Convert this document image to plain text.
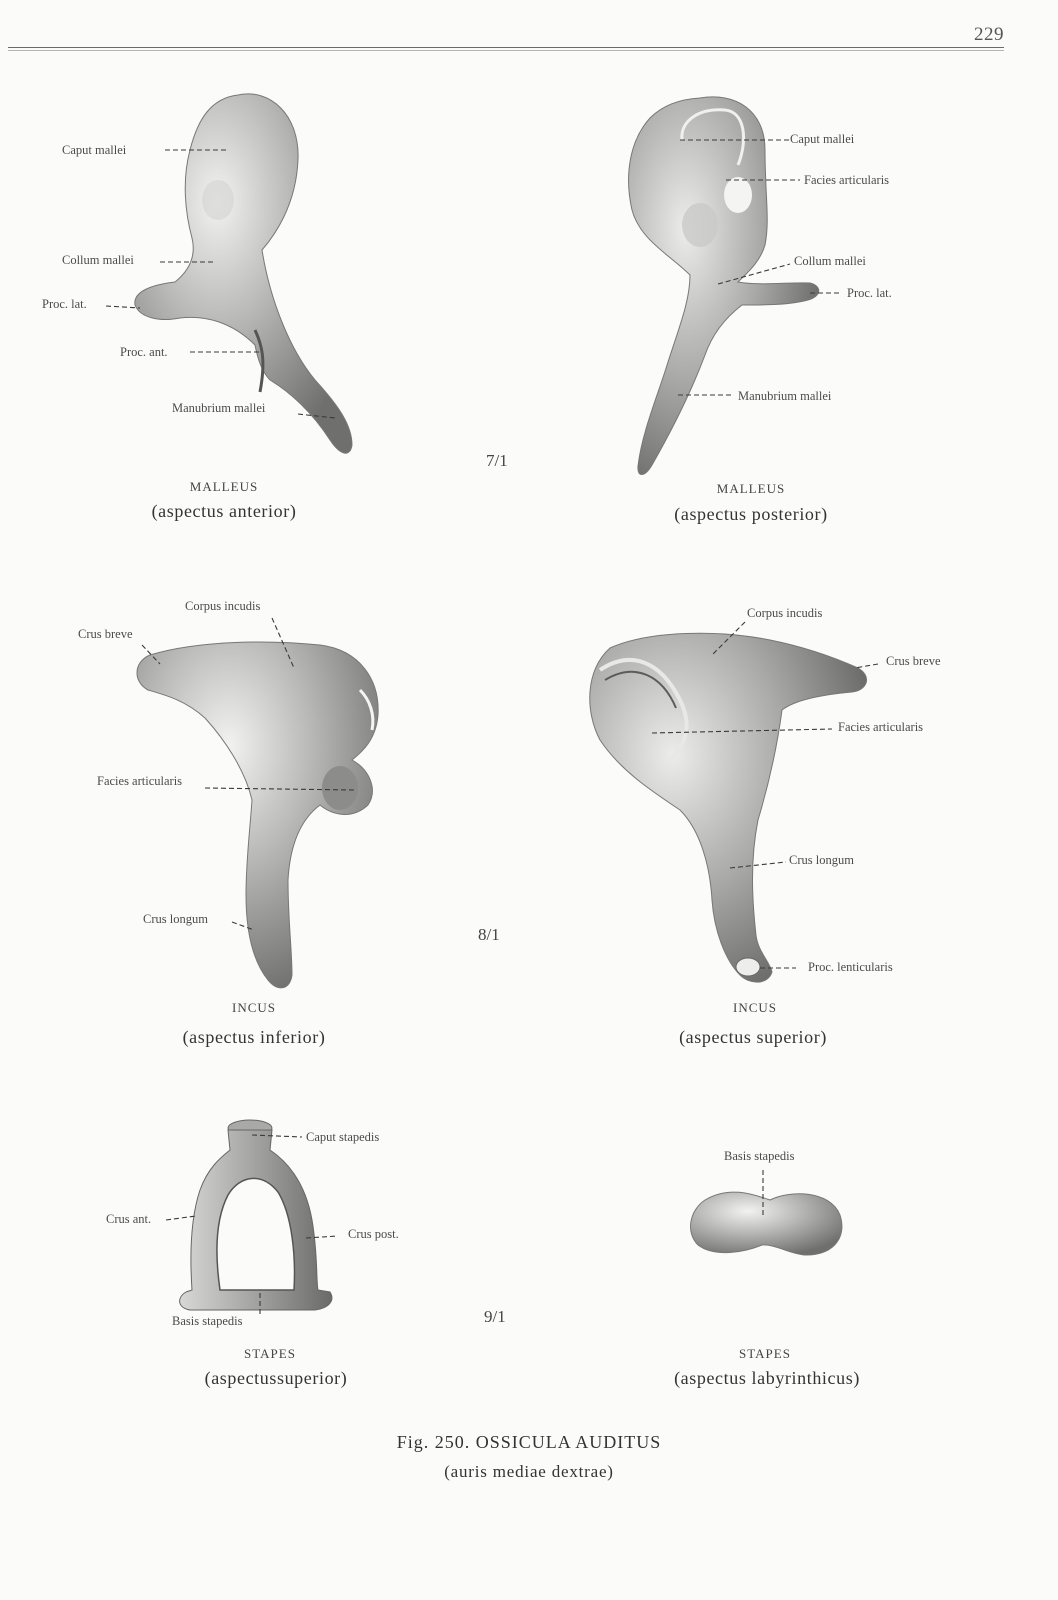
229
Caput mallei
Collum mallei
Proc. lat.
Proc. ant.
Manubrium mallei
Caput mallei
Facies articularis
Collum mallei
Proc. lat.
Manubrium mallei
Corpus incudis
Crus breve
Facies articularis
Crus longum
Corpus incudis
Crus breve
Facies articularis
Crus longum
Proc. lenticularis
Caput stapedis
Crus ant.
Crus post.
Basis stapedis
Basis stapedis
MALLEUS
(aspectus anterior)
MALLEUS
(aspectus posterior)
INCUS
(aspectus inferior)
INCUS
(aspectus superior)
STAPES
(aspectussuperior)
STAPES
(aspectus labyrinthicus)
7/1
8/1
9/1
Fig. 250. OSSICULA AUDITUS
(auris mediae dextrae)
